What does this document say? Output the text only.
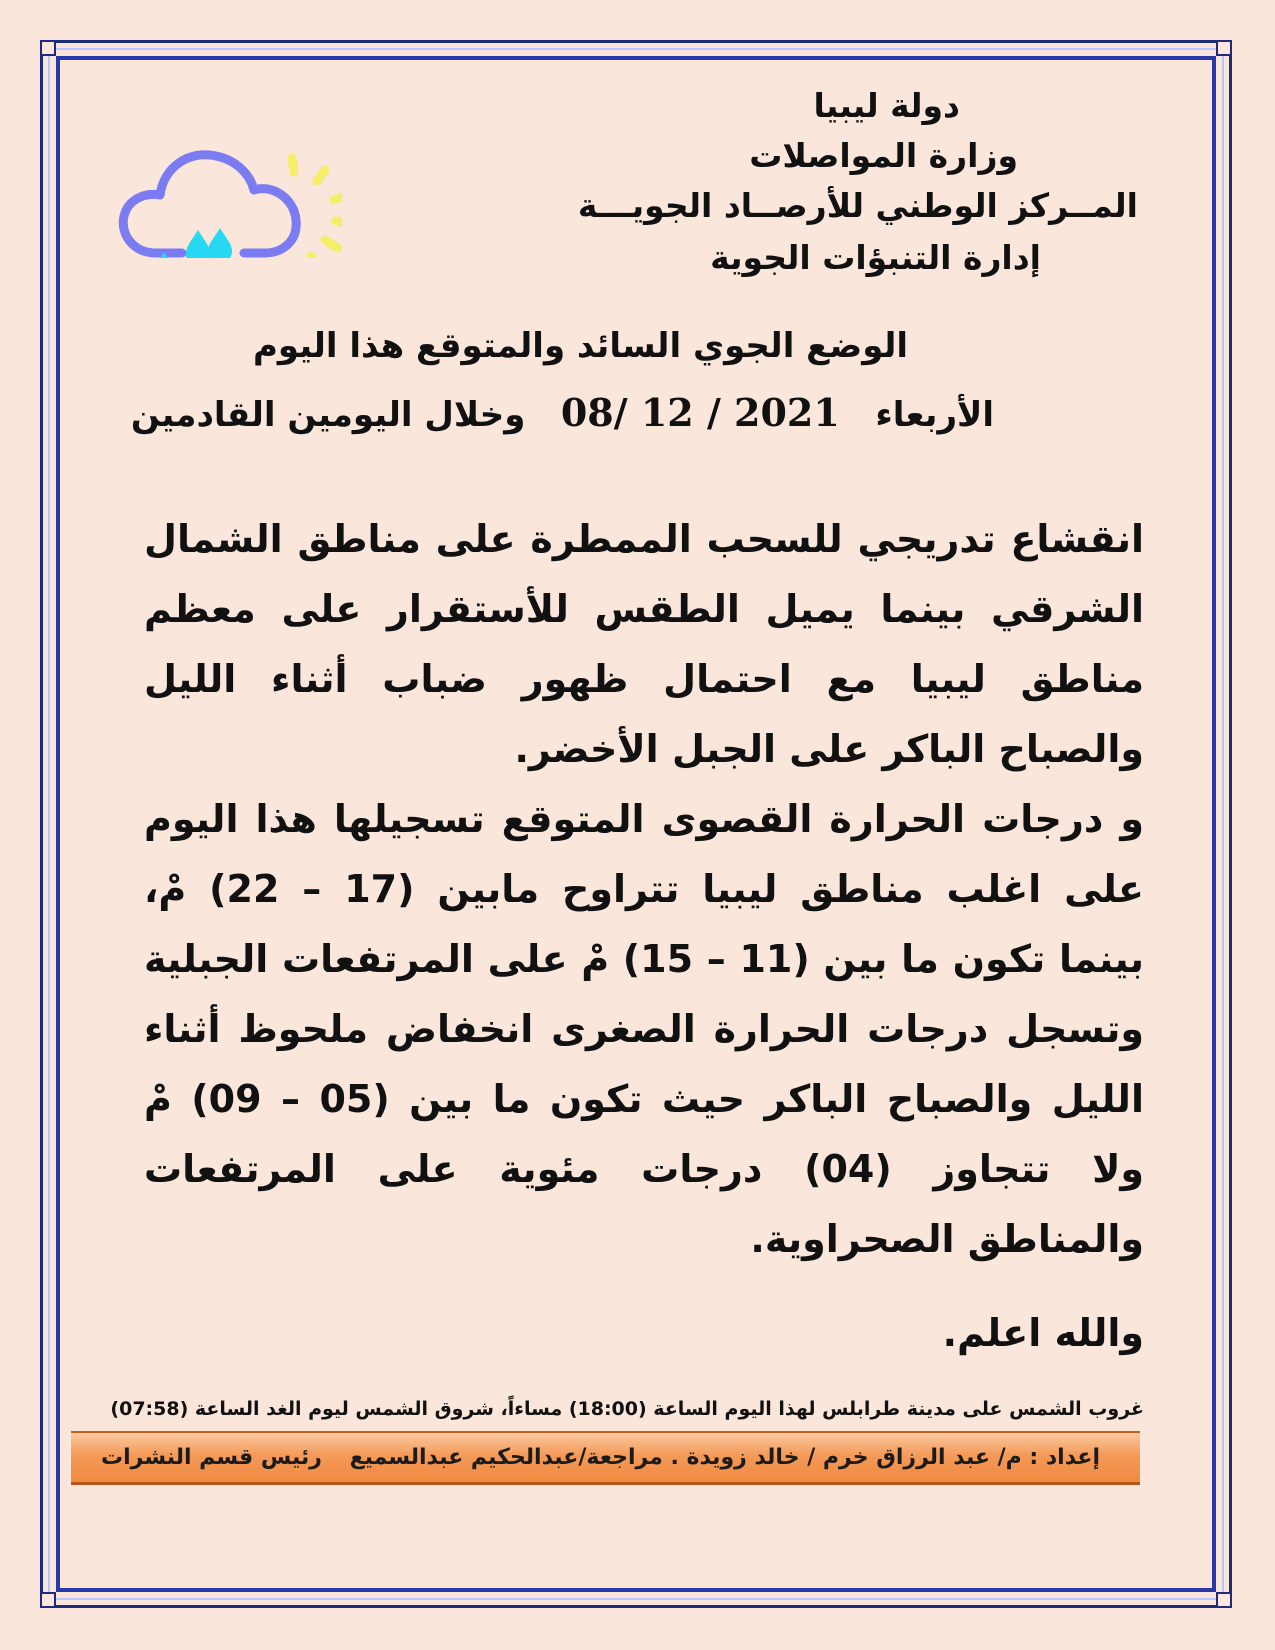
دولة ليبيا
وزارة المواصلات
المــركز الوطني للأرصــاد الجويـــة
إدارة التنبؤات الجوية
الوضع الجوي السائد والمتوقع هذا اليوم
الأربعاء   08/ 12 / 2021   وخلال اليومين القادمين
انقشاع تدريجي للسحب الممطرة على مناطق الشمال الشرقي بينما يميل الطقس للأستقرار على معظم مناطق ليبيا مع احتمال ظهور ضباب أثناء الليل والصباح الباكر على الجبل الأخضر.
و درجات الحرارة القصوى المتوقع تسجيلها هذا اليوم على اغلب مناطق ليبيا تتراوح مابين (17 – 22) مْ، بينما تكون ما بين (11 – 15) مْ على المرتفعات الجبلية وتسجل درجات الحرارة الصغرى انخفاض ملحوظ أثناء الليل والصباح الباكر حيث تكون ما بين (05 – 09) مْ ولا تتجاوز (04) درجات مئوية على المرتفعات والمناطق الصحراوية.
والله اعلم.
غروب الشمس على مدينة طرابلس لهذا اليوم الساعة (18:00) مساءاً، شروق الشمس ليوم الغد الساعة (07:58)
إعداد : م/ عبد الرزاق خرم / خالد زويدة . مراجعة/عبدالحكيم عبدالسميع
رئيس قسم النشرات
